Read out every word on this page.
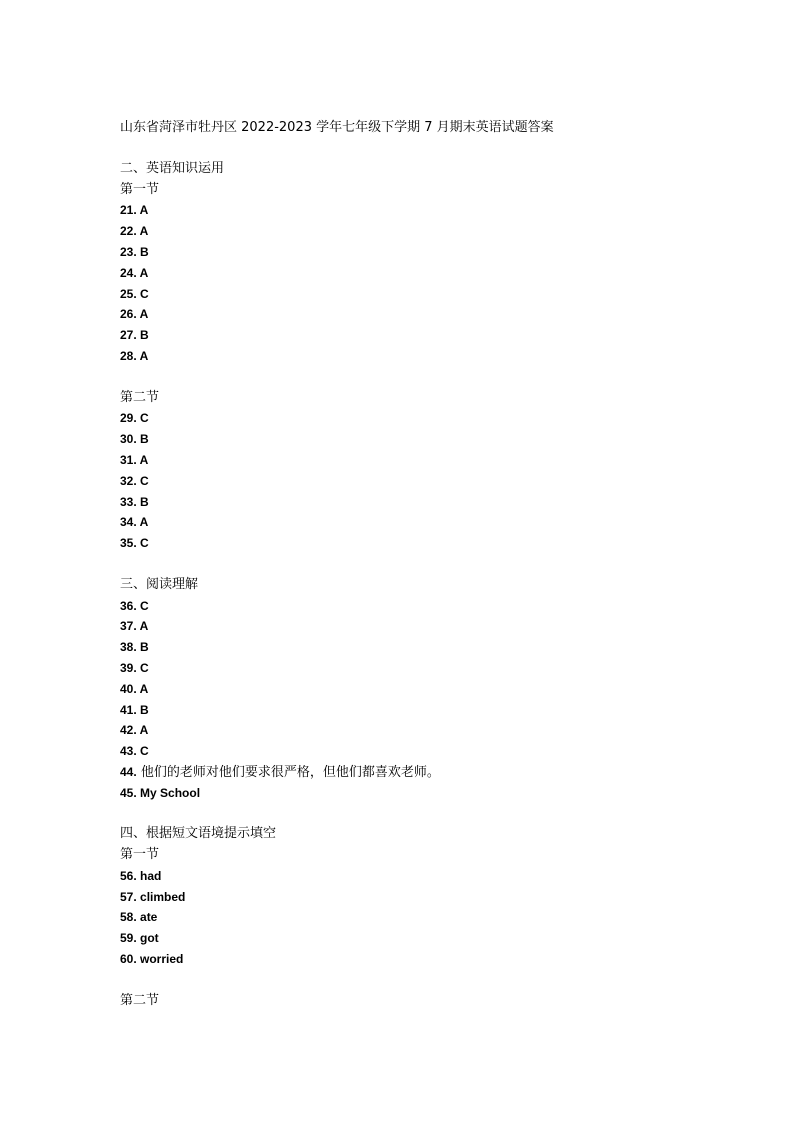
山东省菏泽市牡丹区 2022-2023 学年七年级下学期 7 月期末英语试题答案
二、英语知识运用
第一节
21. A
22. A
23. B
24. A
25. C
26. A
27. B
28. A
第二节
29. C
30. B
31. A
32. C
33. B
34. A
35. C
三、阅读理解
36. C
37. A
38. B
39. C
40. A
41. B
42. A
43. C
44. 他们的老师对他们要求很严格，但他们都喜欢老师。
45. My School
四、根据短文语境提示填空
第一节
56. had
57. climbed
58. ate
59. got
60. worried
第二节
